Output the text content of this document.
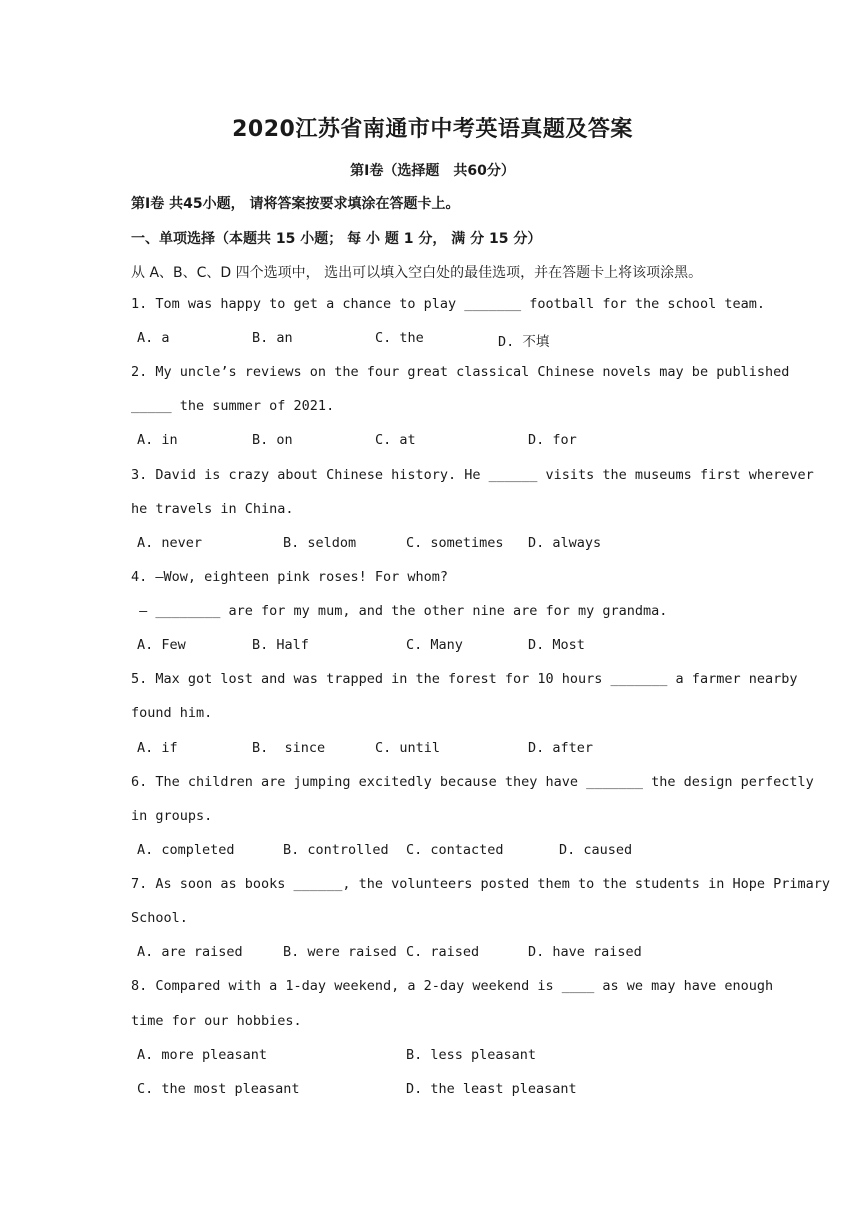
2020江苏省南通市中考英语真题及答案
第Ⅰ卷（选择题　共60分）
第Ⅰ卷 共45小题， 请将答案按要求填涂在答题卡上。
一、单项选择（本题共 15 小题； 每 小 题 1 分， 满 分 15 分）
从 A、B、C、D 四个选项中， 选出可以填入空白处的最佳选项，并在答题卡上将该项涂黑。
1. Tom was happy to get a chance to play _______ football for the school team.
A. a	B. an	C. the	D. 不填
2. My uncle’s reviews on the four great classical Chinese novels may be published
_____ the summer of 2021.
A. in	B. on	C. at	D. for
3. David is crazy about Chinese history. He ______ visits the museums first wherever
he travels in China.
A. never	B. seldom	C. sometimes D. always
4. —Wow, eighteen pink roses! For whom?
— ________ are for my mum, and the other nine are for my grandma.
A. Few	B. Half	C. Many	D. Most
5. Max got lost and was trapped in the forest for 10 hours _______ a farmer nearby
found him.
A. if	B.  since	C. until	D. after
6. The children are jumping excitedly because they have _______ the design perfectly
in groups.
A. completed	B. controlled C. contacted	D. caused
7. As soon as books ______, the volunteers posted them to the students in Hope Primary
School.
A. are raised	B. were raised C. raised	D. have raised
8. Compared with a 1-day weekend, a 2-day weekend is ____ as we may have enough
time for our hobbies.
A. more pleasant	B. less pleasant
C. the most pleasant	D. the least pleasant
